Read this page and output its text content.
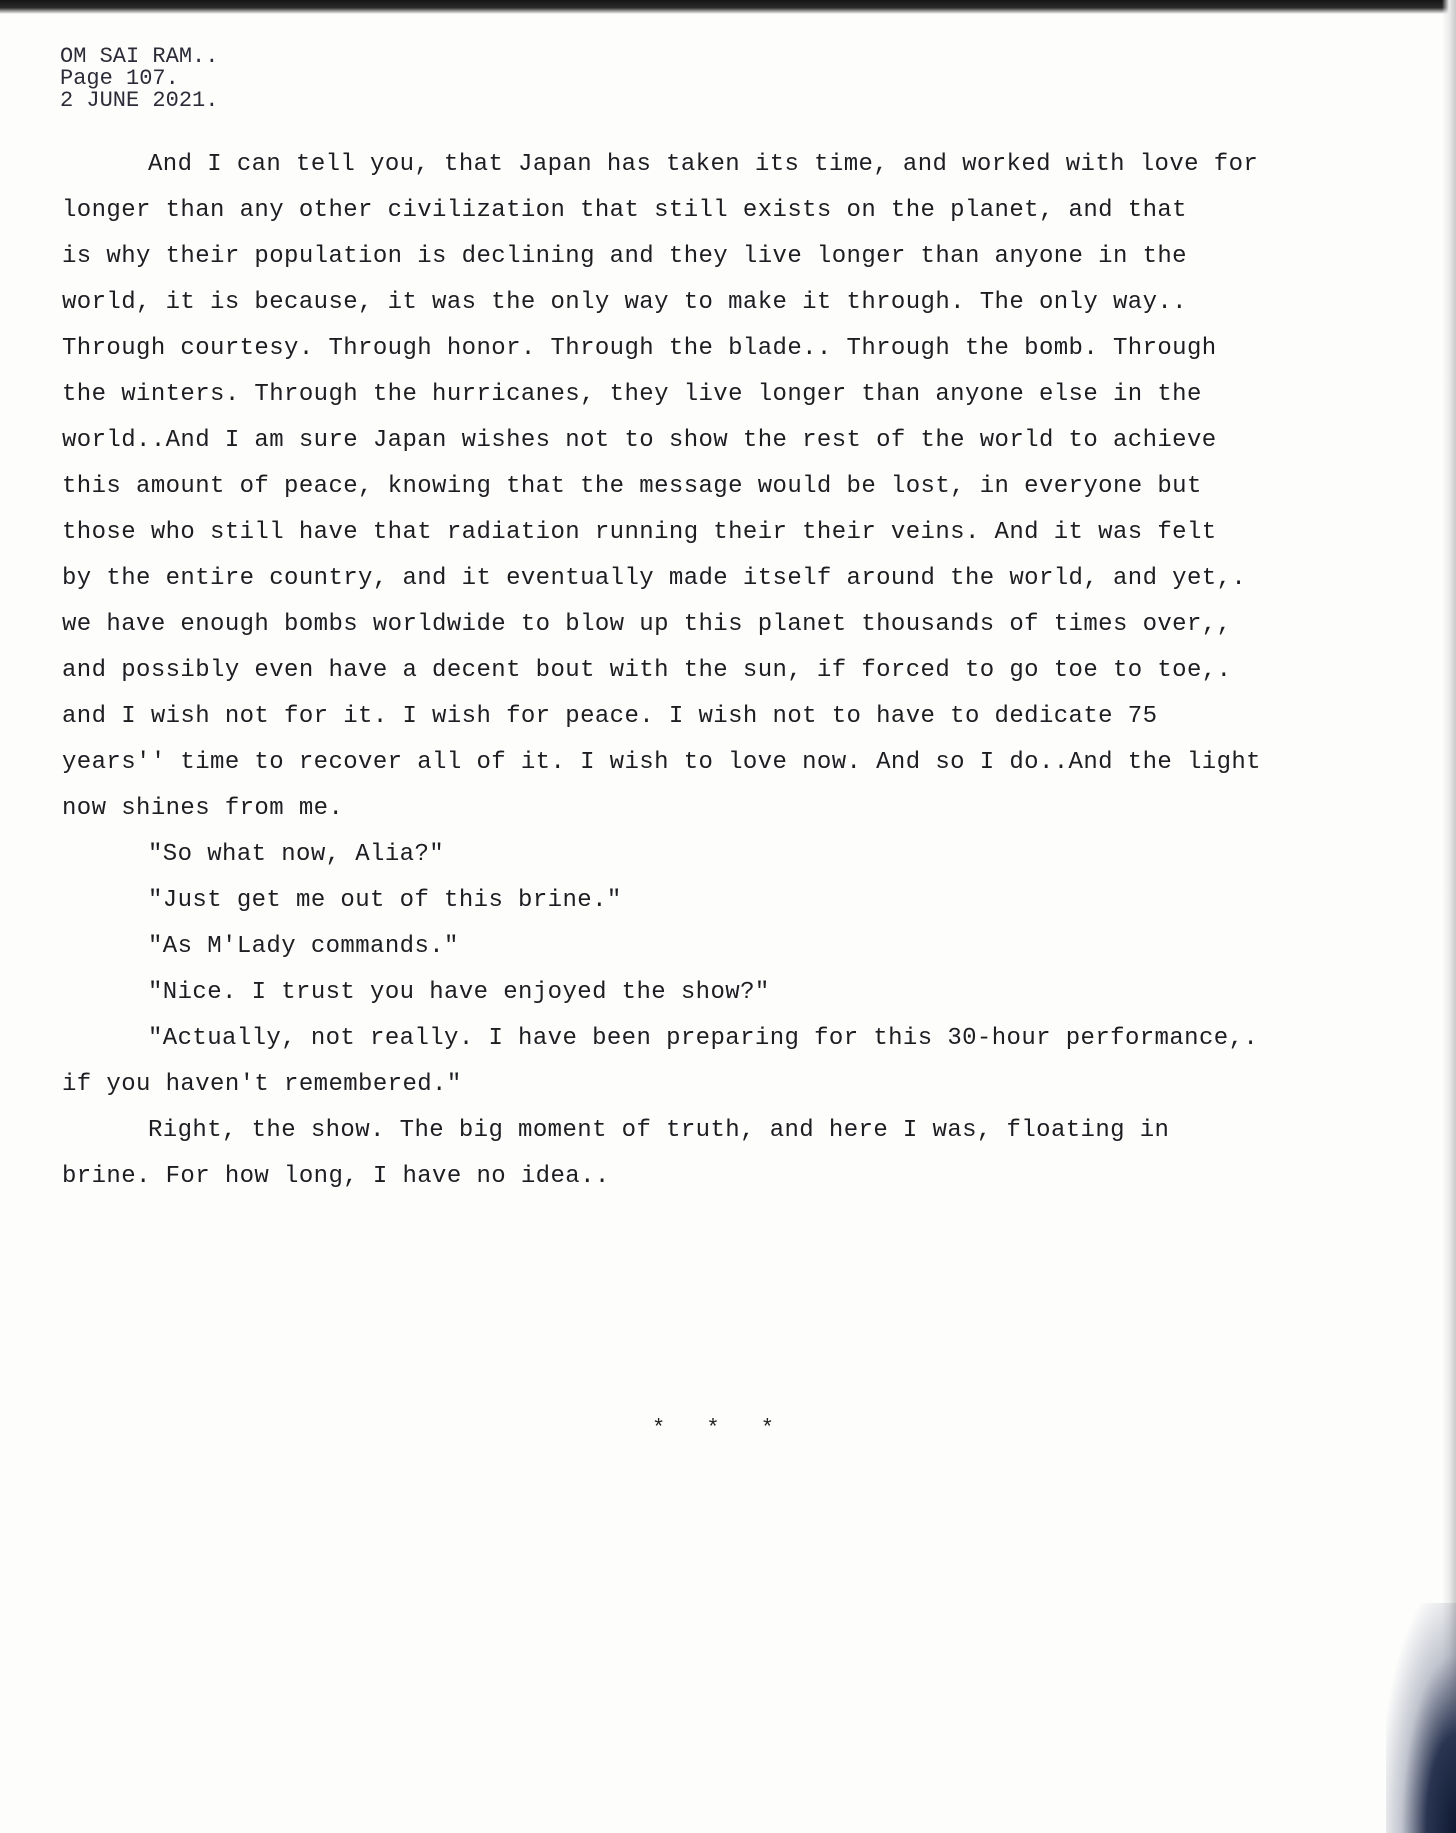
OM SAI RAM..
Page 107.
2 JUNE 2021.
And I can tell you, that Japan has taken its time, and worked with love for
longer than any other civilization that still exists on the planet, and that
is why their population is declining and they live longer than anyone in the
world, it is because, it was the only way to make it through. The only way..
Through courtesy. Through honor. Through the blade.. Through the bomb. Through
the winters. Through the hurricanes, they live longer than anyone else in the
world..And I am sure Japan wishes not to show the rest of the world to achieve
this amount of peace, knowing that the message would be lost, in everyone but
those who still have that radiation running their their veins. And it was felt
by the entire country, and it eventually made itself around the world, and yet,.
we have enough bombs worldwide to blow up this planet thousands of times over,,
and possibly even have a decent bout with the sun, if forced to go toe to toe,.
and I wish not for it. I wish for peace. I wish not to have to dedicate 75
years'' time to recover all of it. I wish to love now. And so I do..And the light
now shines from me.
"So what now, Alia?"
"Just get me out of this brine."
"As M'Lady commands."
"Nice. I trust you have enjoyed the show?"
"Actually, not really. I have been preparing for this 30-hour performance,.
if you haven't remembered."
Right, the show. The big moment of truth, and here I was, floating in
brine. For how long, I have no idea..
* * *
